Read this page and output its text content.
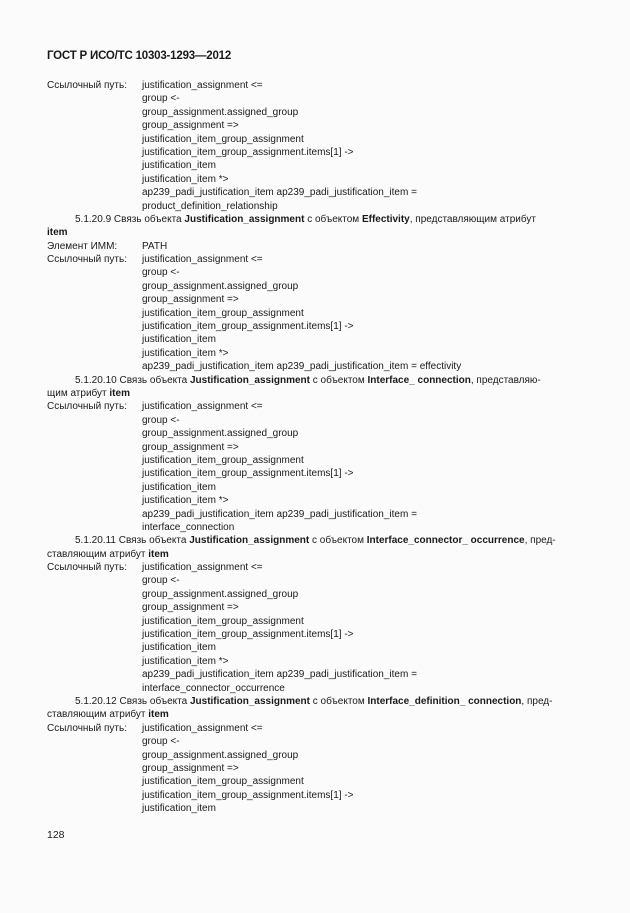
ГОСТ Р ИСО/ТС 10303-1293—2012
Ссылочный путь: justification_assignment <=
group <-
group_assignment.assigned_group
group_assignment =>
justification_item_group_assignment
justification_item_group_assignment.items[1] ->
justification_item
justification_item *>
ap239_padi_justification_item ap239_padi_justification_item =
product_definition_relationship
5.1.20.9 Связь объекта Justification_assignment с объектом Effectivity, представляющим атрибут
item
Элемент ИММ: PATH
Ссылочный путь: justification_assignment <=
group <-
group_assignment.assigned_group
group_assignment =>
justification_item_group_assignment
justification_item_group_assignment.items[1] ->
justification_item
justification_item *>
ap239_padi_justification_item ap239_padi_justification_item = effectivity
5.1.20.10 Связь объекта Justification_assignment с объектом Interface_ connection, представляю-
щим атрибут item
Ссылочный путь: justification_assignment <=
group <-
group_assignment.assigned_group
group_assignment =>
justification_item_group_assignment
justification_item_group_assignment.items[1] ->
justification_item
justification_item *>
ap239_padi_justification_item ap239_padi_justification_item =
interface_connection
5.1.20.11 Связь объекта Justification_assignment с объектом Interface_connector_ occurrence, пред-
ставляющим атрибут item
Ссылочный путь: justification_assignment <=
group <-
group_assignment.assigned_group
group_assignment =>
justification_item_group_assignment
justification_item_group_assignment.items[1] ->
justification_item
justification_item *>
ap239_padi_justification_item ap239_padi_justification_item =
interface_connector_occurrence
5.1.20.12 Связь объекта Justification_assignment с объектом Interface_definition_ connection, пред-
ставляющим атрибут item
Ссылочный путь: justification_assignment <=
group <-
group_assignment.assigned_group
group_assignment =>
justification_item_group_assignment
justification_item_group_assignment.items[1] ->
justification_item
128
